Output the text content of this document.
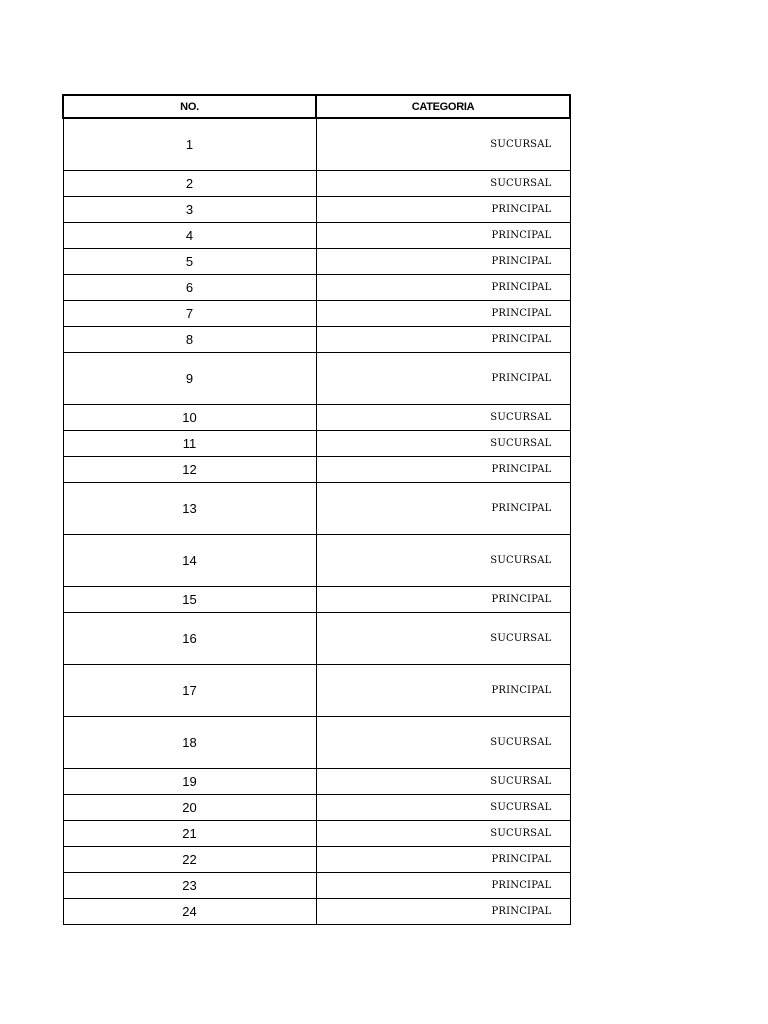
NO.	CATEGORIA
1	SUCURSAL
2	SUCURSAL
3	PRINCIPAL
4	PRINCIPAL
5	PRINCIPAL
6	PRINCIPAL
7	PRINCIPAL
8	PRINCIPAL
9	PRINCIPAL
10	SUCURSAL
11	SUCURSAL
12	PRINCIPAL
13	PRINCIPAL
14	SUCURSAL
15	PRINCIPAL
16	SUCURSAL
17	PRINCIPAL
18	SUCURSAL
19	SUCURSAL
20	SUCURSAL
21	SUCURSAL
22	PRINCIPAL
23	PRINCIPAL
24	PRINCIPAL
